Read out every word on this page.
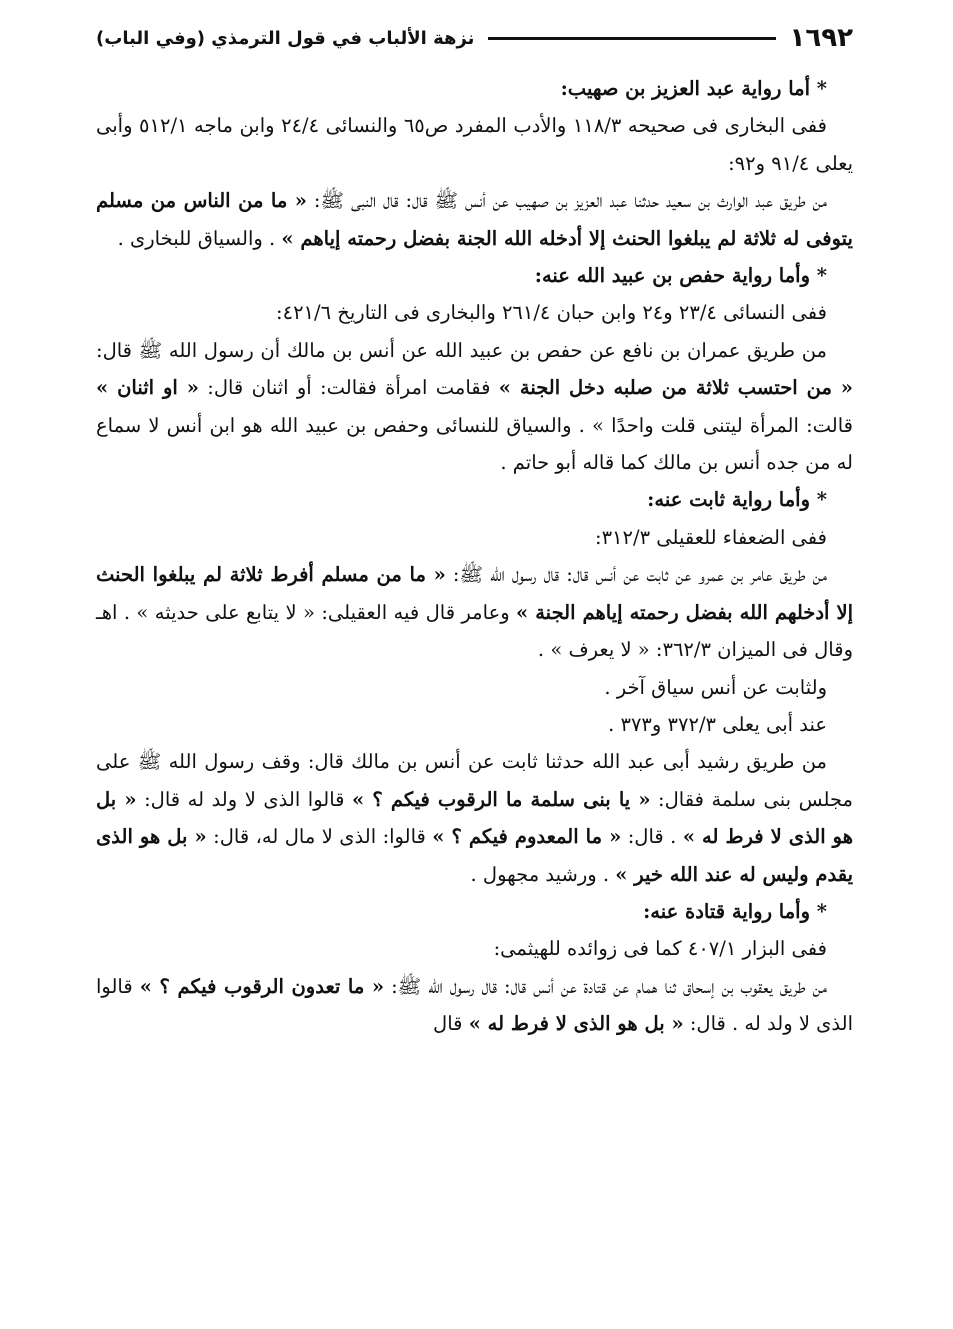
١٦٩٢
نزهة الألباب في قول الترمذي (وفي الباب)

* أما رواية عبد العزيز بن صهيب:

ففى البخارى فى صحيحه ١١٨/٣ والأدب المفرد ص٦٥ والنسائى ٢٤/٤ وابن ماجه ٥١٢/١ وأبى يعلى ٩١/٤ و٩٢:

من طريق عبد الوارث بن سعيد حدثنا عبد العزيز بن صهيب عن أنس ﷺ قال: قال النبى ﷺ: « ما من الناس من مسلم يتوفى له ثلاثة لم يبلغوا الحنث إلا أدخله الله الجنة بفضل رحمته إياهم » . والسياق للبخارى .

* وأما رواية حفص بن عبيد الله عنه:

ففى النسائى ٢٣/٤ و٢٤ وابن حبان ٢٦١/٤ والبخارى فى التاريخ ٤٢١/٦:

من طريق عمران بن نافع عن حفص بن عبيد الله عن أنس بن مالك أن رسول الله ﷺ قال: « من احتسب ثلاثة من صلبه دخل الجنة » فقامت امرأة فقالت: أو اثنان قال: « او اثنان » قالت: المرأة ليتنى قلت واحدًا » . والسياق للنسائى وحفص بن عبيد الله هو ابن أنس لا سماع له من جده أنس بن مالك كما قاله أبو حاتم .

* وأما رواية ثابت عنه:

ففى الضعفاء للعقيلى ٣١٢/٣:

من طريق عامر بن عمرو عن ثابت عن أنس قال: قال رسول الله ﷺ: « ما من مسلم أفرط ثلاثة لم يبلغوا الحنث إلا أدخلهم الله بفضل رحمته إياهم الجنة » وعامر قال فيه العقيلى: « لا يتابع على حديثه » . اهـ وقال فى الميزان ٣٦٢/٣: « لا يعرف » .

ولثابت عن أنس سياق آخر .

عند أبى يعلى ٣٧٢/٣ و٣٧٣ .

من طريق رشيد أبى عبد الله حدثنا ثابت عن أنس بن مالك قال: وقف رسول الله ﷺ على مجلس بنى سلمة فقال: « يا بنى سلمة ما الرقوب فيكم ؟ » قالوا الذى لا ولد له قال: « بل هو الذى لا فرط له » . قال: « ما المعدوم فيكم ؟ » قالوا: الذى لا مال له، قال: « بل هو الذى يقدم وليس له عند الله خير » . ورشيد مجهول .

* وأما رواية قتادة عنه:

ففى البزار ٤٠٧/١ كما فى زوائده للهيثمى:

من طريق يعقوب بن إسحاق ثنا همام عن قتادة عن أنس قال: قال رسول الله ﷺ: « ما تعدون الرقوب فيكم ؟ » قالوا الذى لا ولد له . قال: « بل هو الذى لا فرط له » قال
